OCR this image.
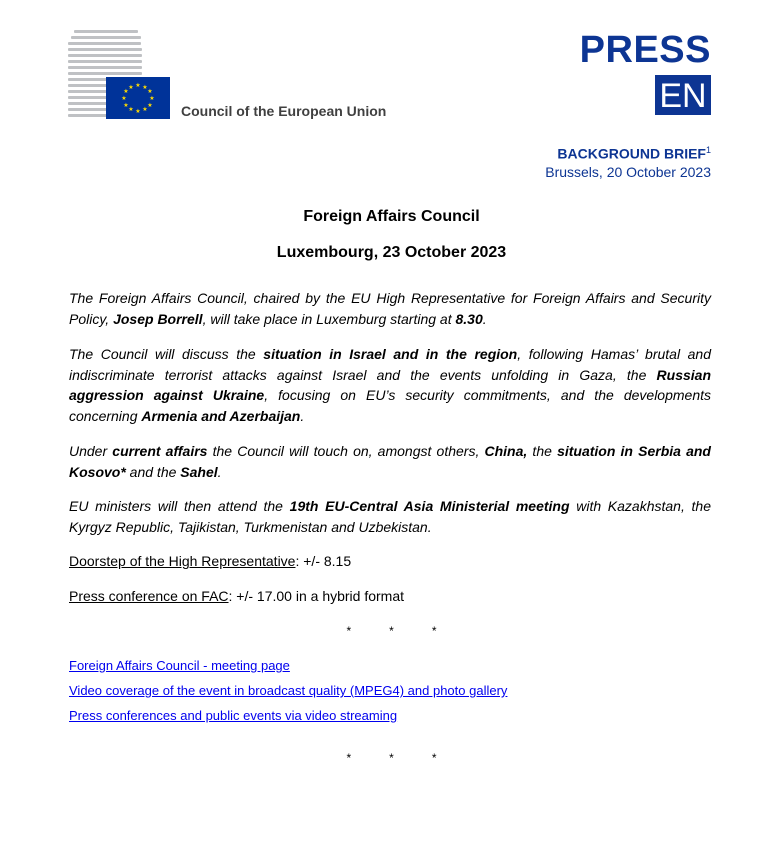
★ ★
★
★
★
★
★
★
★
★
★
★
Council of the European Union
PRESS
EN
BACKGROUND BRIEF$^1$
Brussels, 20 October 2023
Foreign Affairs Council
Luxembourg, 23 October 2023
The Foreign Affairs Council, chaired by the EU High Representative for Foreign Affairs and Security Policy, Josep Borrell, will take place in Luxemburg starting at 8.30.
The Council will discuss the situation in Israel and in the region, following Hamas’ brutal and indiscriminate terrorist attacks against Israel and the events unfolding in Gaza, the Russian aggression against Ukraine, focusing on EU’s security commitments, and the developments concerning Armenia and Azerbaijan.
Under current affairs the Council will touch on, amongst others, China, the situation in Serbia and Kosovo* and the Sahel.
EU ministers will then attend the 19th EU-Central Asia Ministerial meeting with Kazakhstan, the Kyrgyz Republic, Tajikistan, Turkmenistan and Uzbekistan.
Doorstep of the High Representative: +/- 8.15
Press conference on FAC: +/- 17.00 in a hybrid format
*	*	*
Foreign Affairs Council - meeting page
Video coverage of the event in broadcast quality (MPEG4) and photo gallery
Press conferences and public events via video streaming
*	*	*
